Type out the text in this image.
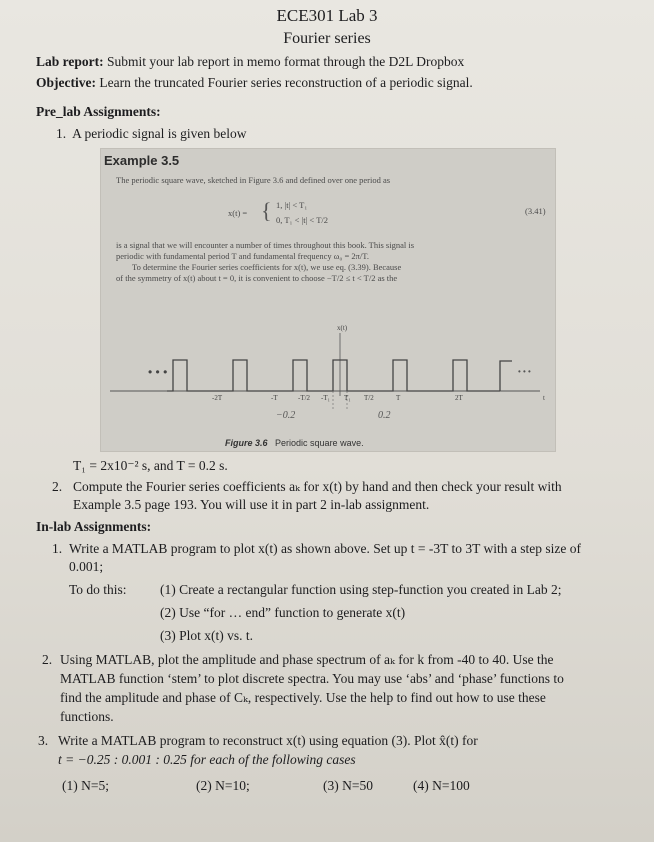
ECE301 Lab 3
Fourier series
Lab report: Submit your lab report in memo format through the D2L Dropbox
Objective: Learn the truncated Fourier series reconstruction of a periodic signal.
Pre_lab Assignments:
1. A periodic signal is given below
Example 3.5
The periodic square wave, sketched in Figure 3.6 and defined over one period as
x(t) = { 1, |t| < T₁
0, T₁ < |t| < T/2
(3.41)
is a signal that we will encounter a number of times throughout this book. This signal is
periodic with fundamental period T and fundamental frequency ω₀ = 2π/T.
To determine the Fourier series coefficients for x(t), we use eq. (3.39). Because
of the symmetry of x(t) about t = 0, it is convenient to choose −T/2 ≤ t < T/2 as the
x(t)
• • •	• • •
-2T	-T	-T/2 -T₁ T₁ T/2	T	2T	t
−0.2	0.2
Figure 3.6 Periodic square wave.
T₁ = 2x10⁻² s, and T = 0.2 s.
2. Compute the Fourier series coefficients aₖ for x(t) by hand and then check your result with
Example 3.5 page 193. You will use it in part 2 in-lab assignment.
In-lab Assignments:
1. Write a MATLAB program to plot x(t) as shown above. Set up t = -3T to 3T with a step size of
0.001;
To do this: (1) Create a rectangular function using step-function you created in Lab 2;
(2) Use “for … end” function to generate x(t)
(3) Plot x(t) vs. t.
2. Using MATLAB, plot the amplitude and phase spectrum of aₖ for k from -40 to 40. Use the
MATLAB function ‘stem’ to plot discrete spectra. You may use ‘abs’ and ‘phase’ functions to
find the amplitude and phase of Cₖ, respectively. Use the help to find out how to use these
functions.
3. Write a MATLAB program to reconstruct x(t) using equation (3). Plot x̂(t) for
t = −0.25 : 0.001 : 0.25 for each of the following cases
(1) N=5;	(2) N=10;	(3) N=50	(4) N=100
